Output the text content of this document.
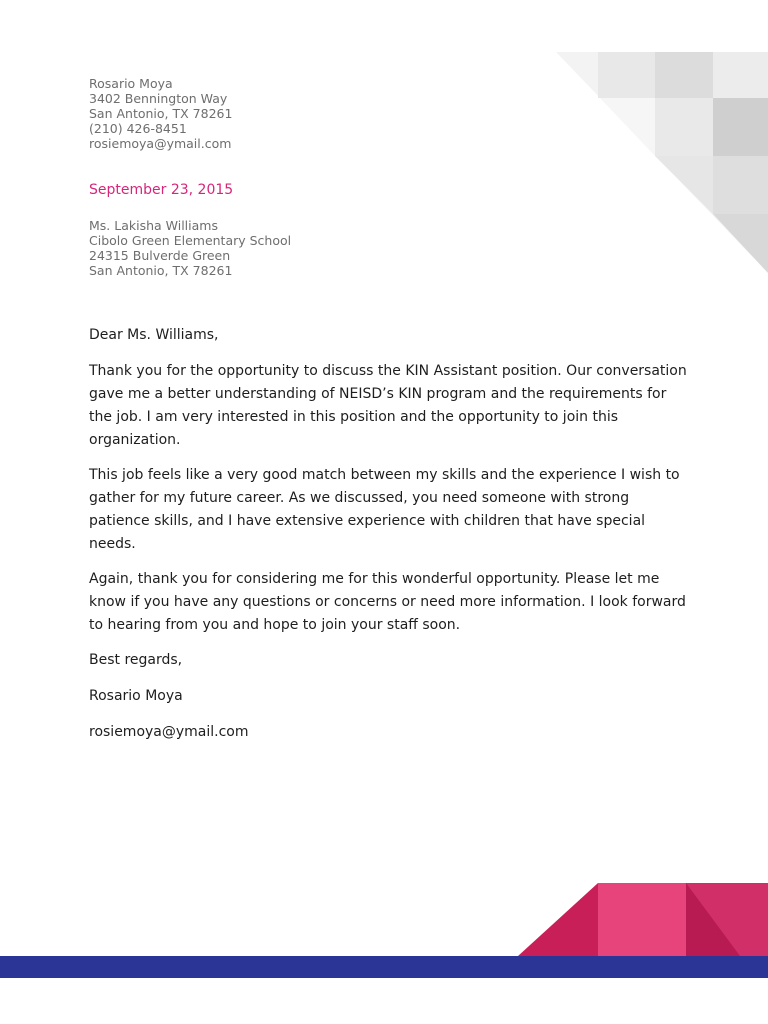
Rosario Moya
3402 Bennington Way
San Antonio, TX 78261
(210) 426-8451
rosiemoya@ymail.com
September 23, 2015
Ms. Lakisha Williams
Cibolo Green Elementary School
24315 Bulverde Green
San Antonio, TX 78261

Dear Ms. Williams,

Thank you for the opportunity to discuss the KIN Assistant position. Our conversation gave me a better understanding of NEISD’s KIN program and the requirements for the job. I am very interested in this position and the opportunity to join this organization.

This job feels like a very good match between my skills and the experience I wish to gather for my future career. As we discussed, you need someone with strong patience skills, and I have extensive experience with children that have special needs.

Again, thank you for considering me for this wonderful opportunity. Please let me know if you have any questions or concerns or need more information. I look forward to hearing from you and hope to join your staff soon.

Best regards,

Rosario Moya

rosiemoya@ymail.com
